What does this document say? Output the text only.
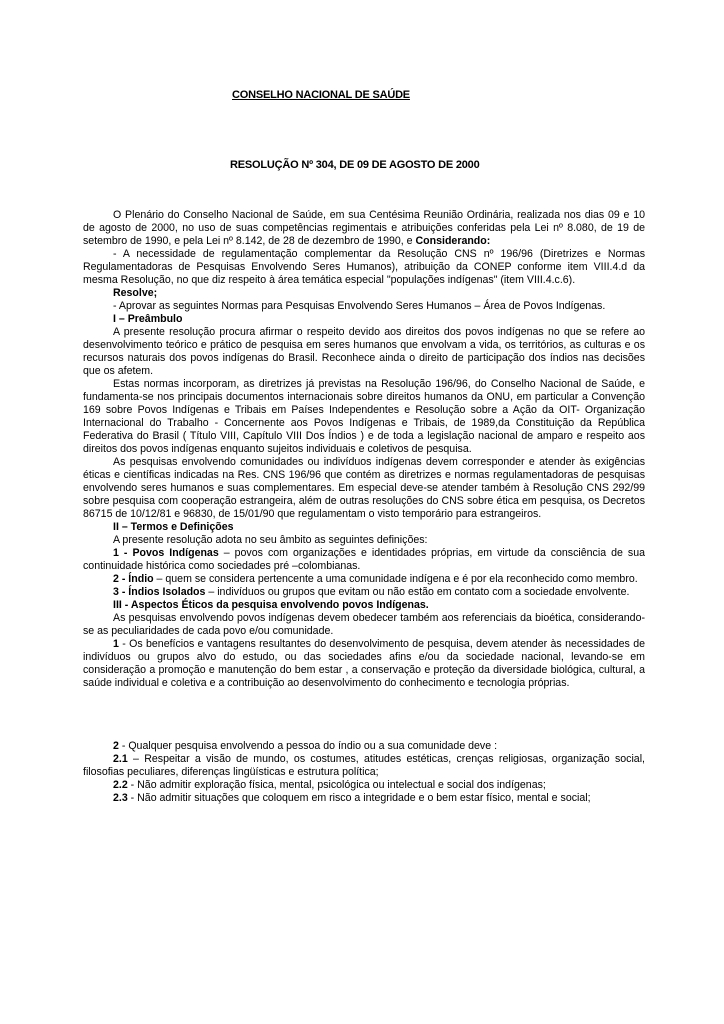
CONSELHO NACIONAL DE SAÚDE
RESOLUÇÃO Nº 304, DE 09 DE AGOSTO DE 2000

O Plenário do Conselho Nacional de Saúde, em sua Centésima Reunião Ordinária, realizada nos dias 09 e 10 de agosto de 2000, no uso de suas competências regimentais e atribuições conferidas pela Lei nº 8.080, de 19 de setembro de 1990, e pela Lei nº 8.142, de 28 de dezembro de 1990, e Considerando:

- A necessidade de regulamentação complementar da Resolução CNS nº 196/96 (Diretrizes e Normas Regulamentadoras de Pesquisas Envolvendo Seres Humanos), atribuição da CONEP conforme item VIII.4.d da mesma Resolução, no que diz respeito à área temática especial "populações indígenas" (item VIII.4.c.6).

Resolve;

- Aprovar as seguintes Normas para Pesquisas Envolvendo Seres Humanos – Área de Povos Indígenas.

I – Preâmbulo

A presente resolução procura afirmar o respeito devido aos direitos dos povos indígenas no que se refere ao desenvolvimento teórico e prático de pesquisa em seres humanos que envolvam a vida, os territórios, as culturas e os recursos naturais dos povos indígenas do Brasil. Reconhece ainda o direito de participação dos índios nas decisões que os afetem.

Estas normas incorporam, as diretrizes já previstas na Resolução 196/96, do Conselho Nacional de Saúde, e fundamenta-se nos principais documentos internacionais sobre direitos humanos da ONU, em particular a Convenção 169 sobre Povos Indígenas e Tribais em Países Independentes e Resolução sobre a Ação da OIT- Organização Internacional do Trabalho - Concernente aos Povos Indígenas e Tribais, de 1989,da Constituição da República Federativa do Brasil ( Título VIII, Capítulo VIII Dos Índios ) e de toda a legislação nacional de amparo e respeito aos direitos dos povos indígenas enquanto sujeitos individuais e coletivos de pesquisa.

As pesquisas envolvendo comunidades ou indivíduos indígenas devem corresponder e atender às exigências éticas e científicas indicadas na Res. CNS 196/96 que contém as diretrizes e normas regulamentadoras de pesquisas envolvendo seres humanos e suas complementares. Em especial deve-se atender também à Resolução CNS 292/99 sobre pesquisa com cooperação estrangeira, além de outras resoluções do CNS sobre ética em pesquisa, os Decretos 86715 de 10/12/81 e 96830, de 15/01/90 que regulamentam o visto temporário para estrangeiros.

II – Termos e Definições

A presente resolução adota no seu âmbito as seguintes definições:

1 - Povos Indígenas – povos com organizações e identidades próprias, em virtude da consciência de sua continuidade histórica como sociedades pré –colombianas.

2 - Índio – quem se considera pertencente a uma comunidade indígena e é por ela reconhecido como membro.

3 - Índios Isolados – indivíduos ou grupos que evitam ou não estão em contato com a sociedade envolvente.

III - Aspectos Éticos da pesquisa envolvendo povos Indígenas.

As pesquisas envolvendo povos indígenas devem obedecer também aos referenciais da bioética, considerando-se as peculiaridades de cada povo e/ou comunidade.

1 - Os benefícios e vantagens resultantes do desenvolvimento de pesquisa, devem atender às necessidades de indivíduos ou grupos alvo do estudo, ou das sociedades afins e/ou da sociedade nacional, levando-se em consideração a promoção e manutenção do bem estar , a conservação e proteção da diversidade biológica, cultural, a saúde individual e coletiva e a contribuição ao desenvolvimento do conhecimento e tecnologia próprias.

2 - Qualquer pesquisa envolvendo a pessoa do índio ou a sua comunidade deve :

2.1 – Respeitar a visão de mundo, os costumes, atitudes estéticas, crenças religiosas, organização social, filosofias peculiares, diferenças lingüísticas e estrutura política;

2.2 - Não admitir exploração física, mental, psicológica ou intelectual e social dos indígenas;

2.3 - Não admitir situações que coloquem em risco a integridade e o bem estar físico, mental e social;
